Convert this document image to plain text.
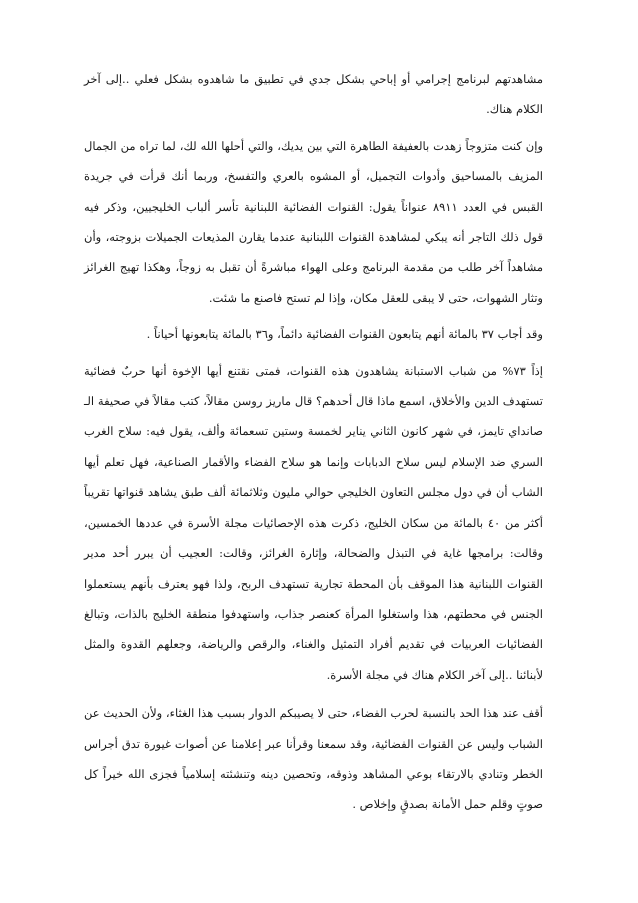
مشاهدتهم لبرنامج إجرامي أو إباحي بشكل جدي في تطبيق ما شاهدوه بشكل فعلي ..إلى آخر الكلام هناك.

وإن كنت متزوجاً زهدت بالعفيفة الطاهرة التي بين يديك، والتي أحلها الله لك، لما تراه من الجمال المزيف بالمساحيق وأدوات التجميل، أو المشوه بالعري والتفسخ، وربما أنك قرأت في جريدة القبس في العدد ٨٩١١ عنواناً يقول: القنوات الفضائية اللبنانية تأسر ألباب الخليجيين، وذكر فيه قول ذلك التاجر أنه يبكي لمشاهدة القنوات اللبنانية عندما يقارن المذيعات الجميلات بزوجته، وأن مشاهداً آخر طلب من مقدمة البرنامج وعلى الهواء مباشرةً أن تقبل به زوجاً، وهكذا تهيج الغرائز وتثار الشهوات، حتى لا يبقى للعقل مكان، وإذا لم تستح فاصنع ما شئت.

وقد أجاب ٣٧ بالمائة أنهم يتابعون القنوات الفضائية دائماً، و٣٦ بالمائة يتابعونها أحياناً .

إذاً ٧٣% من شباب الاستبانة يشاهدون هذه القنوات، فمتى نقتنع أيها الإخوة أنها حربٌ فضائية تستهدف الدين والأخلاق، اسمع ماذا قال أحدهم؟ قال ماريز روسن مقالاً، كتب مقالاً في صحيفة الـ صانداي تايمز، في شهر كانون الثاني يناير لخمسة وستين تسعمائة وألف، يقول فيه: سلاح الغرب السري ضد الإسلام ليس سلاح الدبابات وإنما هو سلاح الفضاء والأقمار الصناعية، فهل تعلم أيها الشاب أن في دول مجلس التعاون الخليجي حوالي مليون وثلاثمائة ألف طبق يشاهد قنواتها تقريباً أكثر من ٤٠ بالمائة من سكان الخليج، ذكرت هذه الإحصائيات مجلة الأسرة في عددها الخمسين، وقالت: برامجها غاية في التبذل والضحالة، وإثارة الغرائز، وقالت: العجيب أن يبرر أحد مدير القنوات اللبنانية هذا الموقف بأن المحطة تجارية تستهدف الربح، ولذا فهو يعترف بأنهم يستعملوا الجنس في محطتهم، هذا واستغلوا المرأة كعنصر جذاب، واستهدفوا منطقة الخليج بالذات، وتبالغ الفضائيات العربيات في تقديم أفراد التمثيل والغناء، والرقص والرياضة، وجعلهم القدوة والمثل لأبنائنا ..إلى آخر الكلام هناك في مجلة الأسرة.

أقف عند هذا الحد بالنسبة لحرب الفضاء، حتى لا يصيبكم الدوار بسبب هذا الغثاء، ولأن الحديث عن الشباب وليس عن القنوات الفضائية، وقد سمعنا وقرأنا عبر إعلامنا عن أصوات غيورة تدق أجراس الخطر وتنادي بالارتقاء بوعي المشاهد وذوقه، وتحصين دينه وتنشئته إسلامياً فجزى الله خيراً كل صوتٍ وقلم حمل الأمانة بصدقٍ وإخلاص .
